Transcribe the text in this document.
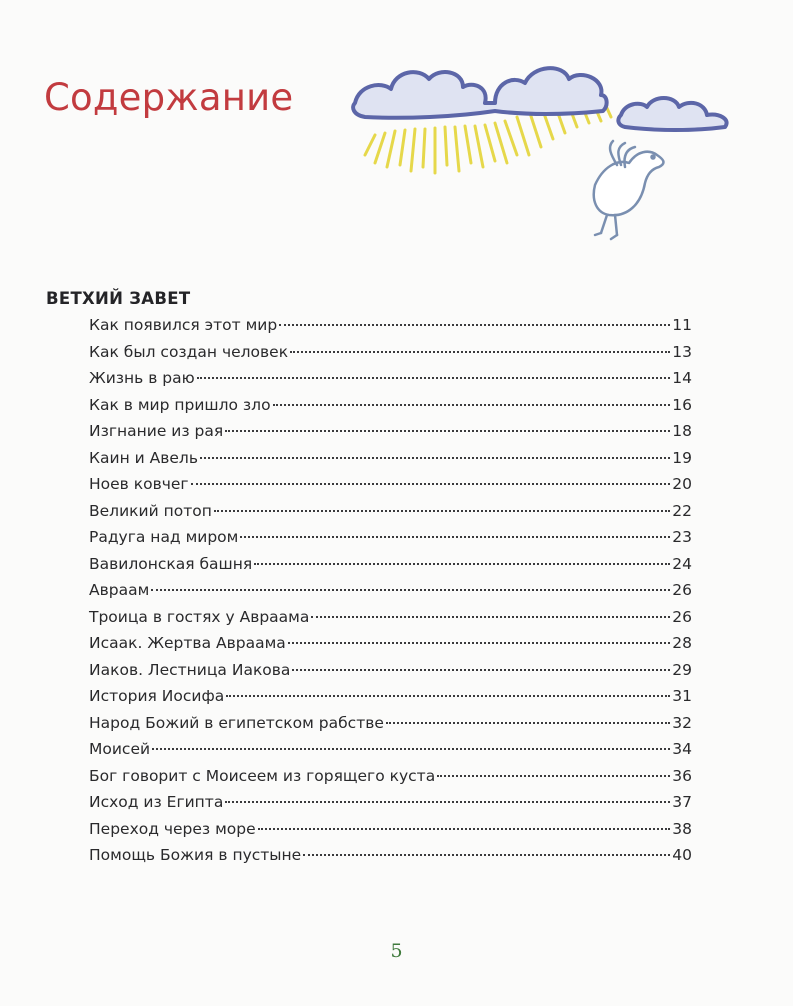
Содержание
ВЕТХИЙ ЗАВЕТ
Как появился этот мир	11
Как был создан человек	13
Жизнь в раю	14
Как в мир пришло зло	16
Изгнание из рая	18
Каин и Авель	19
Ноев ковчег	20
Великий потоп	22
Радуга над миром	23
Вавилонская башня	24
Авраам	26
Троица в гостях у Авраама	26
Исаак. Жертва Авраама	28
Иаков. Лестница Иакова	29
История Иосифа	31
Народ Божий в египетском рабстве	32
Моисей	34
Бог говорит с Моисеем из горящего куста	36
Исход из Египта	37
Переход через море	38
Помощь Божия в пустыне	40
5
